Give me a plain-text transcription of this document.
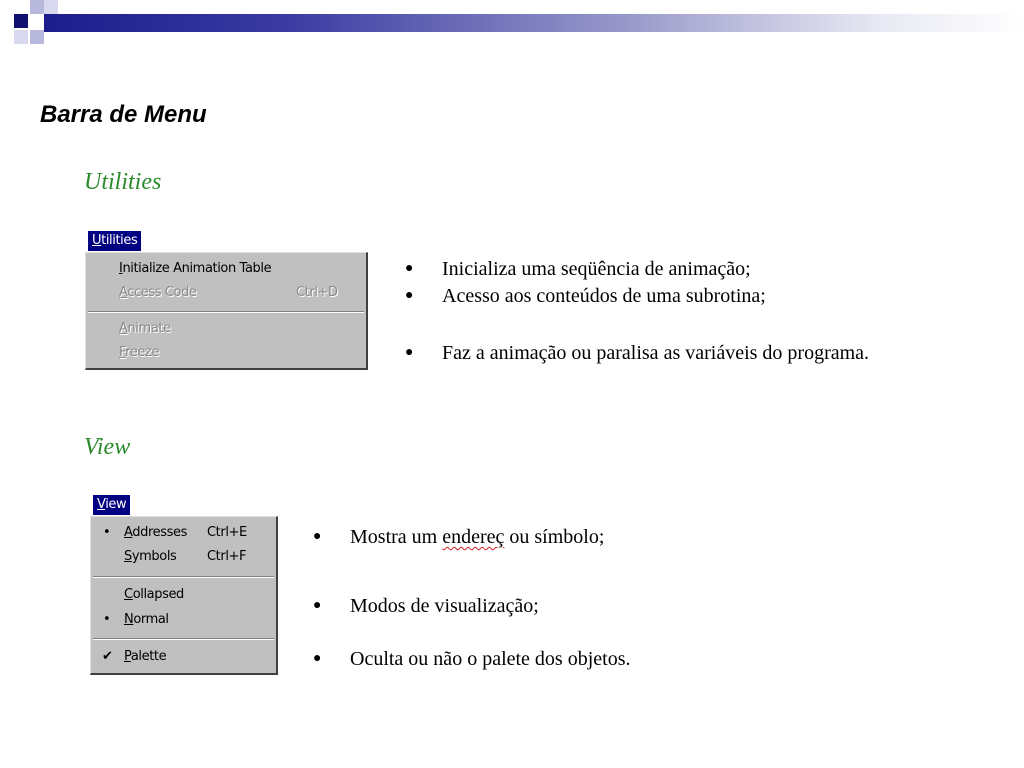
Barra de Menu
Utilities
Utilities
Initialize Animation Table
Access Code	Ctrl+D
Animate
Freeze
● Inicializa uma seqüência de animação;
● Acesso aos conteúdos de uma subrotina;
● Faz a animação ou paralisa as variáveis do programa.
View
View
• Addresses Ctrl+E
Symbols Ctrl+F
Collapsed
• Normal
✔ Palette
● Mostra um endereç ou símbolo;
● Modos de visualização;
● Oculta ou não o palete dos objetos.
